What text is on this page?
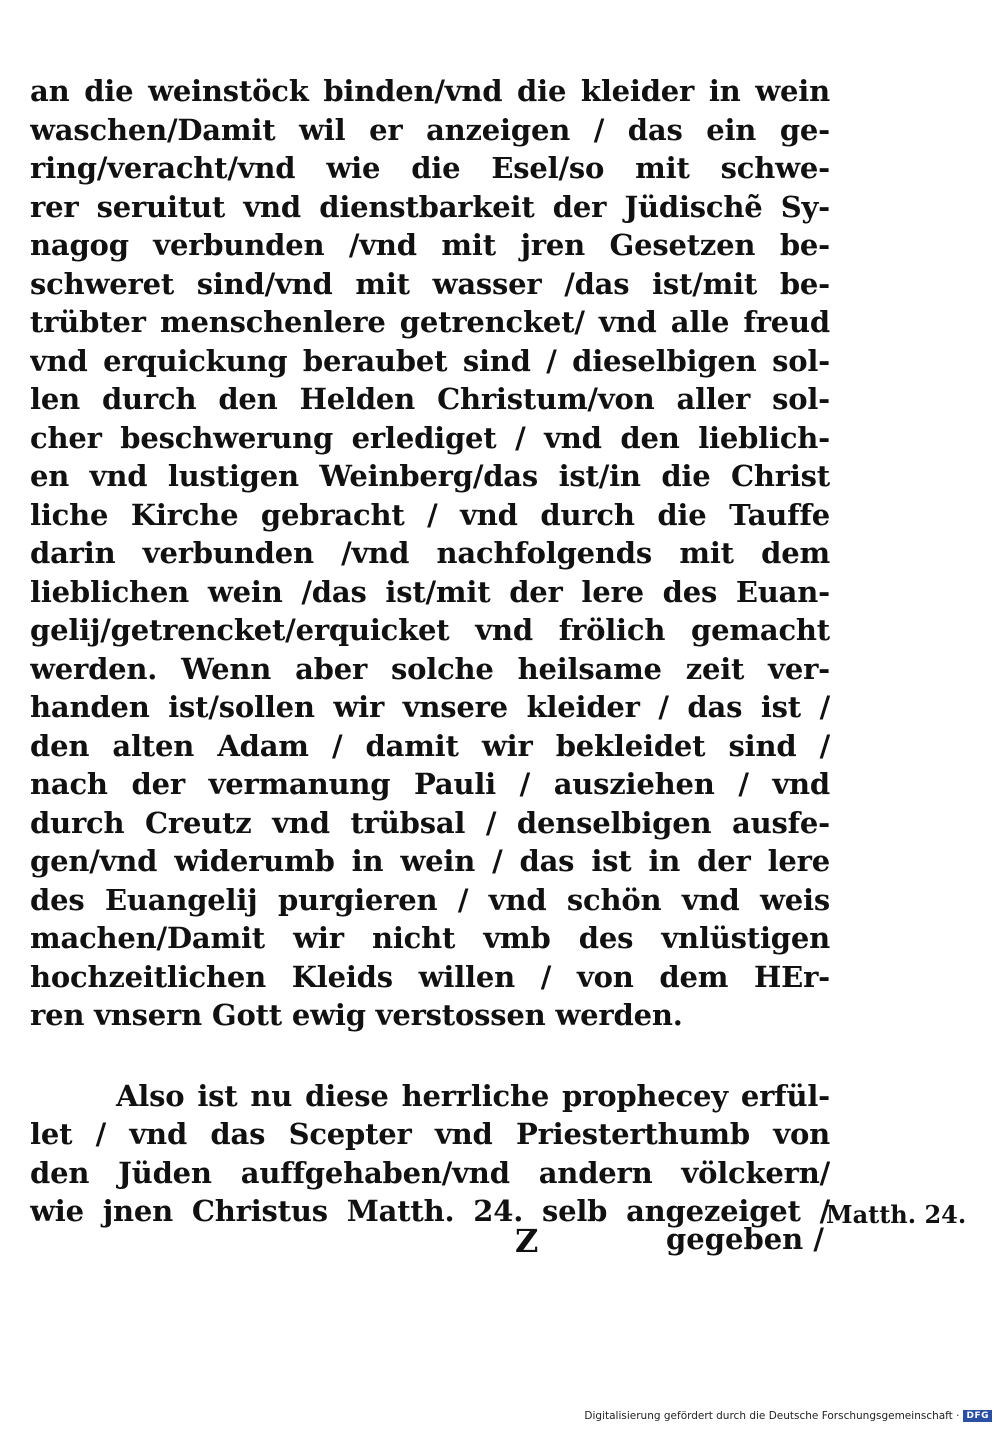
an die weinstöck binden/vnd die kleider in wein
waschen/Damit wil er anzeigen / das ein ge-
ring/veracht/vnd wie die Esel/so mit schwe-
rer seruitut vnd dienstbarkeit der Jüdischẽ Sy-
nagog verbunden /vnd mit jren Gesetzen be-
schweret sind/vnd mit wasser /das ist/mit be-
trübter menschenlere getrencket/ vnd alle freud
vnd erquickung beraubet sind / dieselbigen sol-
len durch den Helden Christum/von aller sol-
cher beschwerung erlediget / vnd den lieblich-
en vnd lustigen Weinberg/das ist/in die Christ
liche Kirche gebracht / vnd durch die Tauffe
darin verbunden /vnd nachfolgends mit dem
lieblichen wein /das ist/mit der lere des Euan-
gelij/getrencket/erquicket vnd frölich gemacht
werden. Wenn aber solche heilsame zeit ver-
handen ist/sollen wir vnsere kleider / das ist /
den alten Adam / damit wir bekleidet sind /
nach der vermanung Pauli / ausziehen / vnd
durch Creutz vnd trübsal / denselbigen ausfe-
gen/vnd widerumb in wein / das ist in der lere
des Euangelij purgieren / vnd schön vnd weis
machen/Damit wir nicht vmb des vnlüstigen
hochzeitlichen Kleids willen / von dem HEr-
ren vnsern Gott ewig verstossen werden.
Also ist nu diese herrliche prophecey erfül-
let / vnd das Scepter vnd Priesterthumb von
den Jüden auffgehaben/vnd andern völckern/
wie jnen Christus Matth. 24. selb angezeiget /
Matth. 24.
Z	gegeben /
Digitalisierung gefördert durch die Deutsche Forschungsgemeinschaft · DFG
